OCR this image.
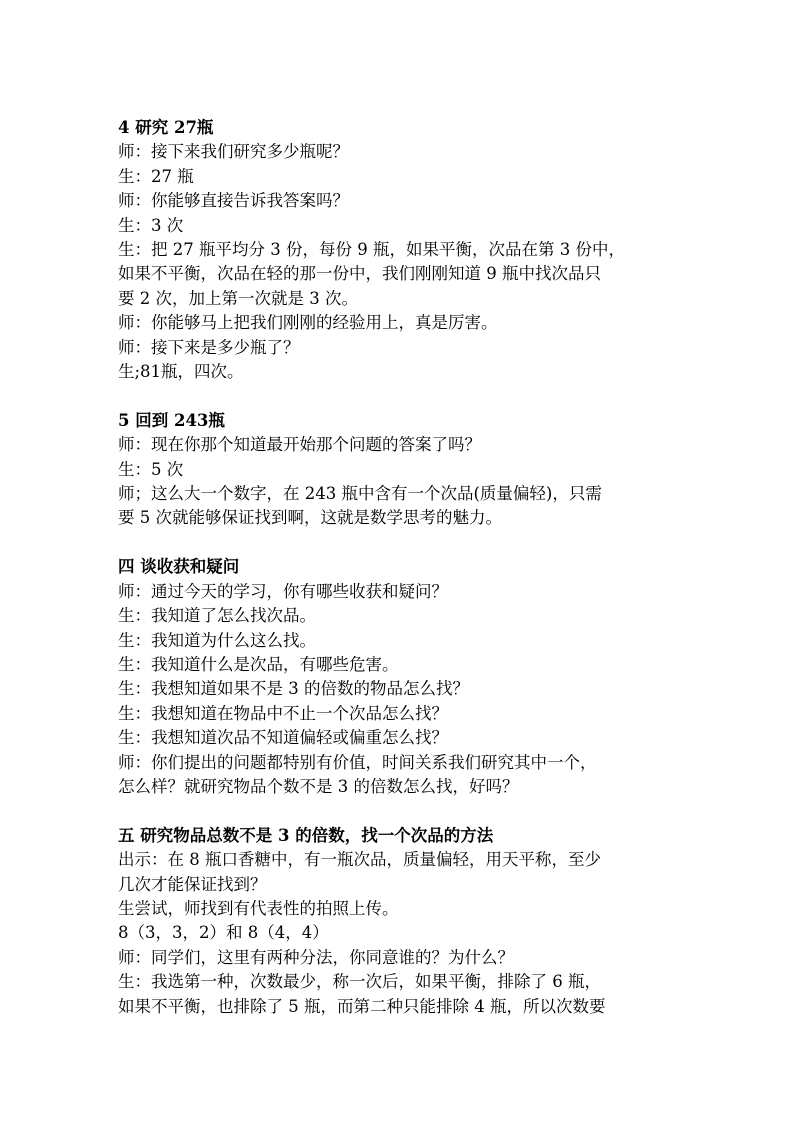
4 研究 27瓶
师：接下来我们研究多少瓶呢？
生：27 瓶
师：你能够直接告诉我答案吗？
生：3 次
生：把 27 瓶平均分 3 份，每份 9 瓶，如果平衡，次品在第 3 份中，
如果不平衡，次品在轻的那一份中，我们刚刚知道 9 瓶中找次品只
要 2 次，加上第一次就是 3 次。
师：你能够马上把我们刚刚的经验用上，真是厉害。
师：接下来是多少瓶了？
生;81瓶，四次。
5 回到 243瓶
师：现在你那个知道最开始那个问题的答案了吗？
生：5 次
师；这么大一个数字，在 243 瓶中含有一个次品(质量偏轻)，只需
要 5 次就能够保证找到啊，这就是数学思考的魅力。
四 谈收获和疑问
师：通过今天的学习，你有哪些收获和疑问？
生：我知道了怎么找次品。
生：我知道为什么这么找。
生：我知道什么是次品，有哪些危害。
生：我想知道如果不是 3 的倍数的物品怎么找？
生：我想知道在物品中不止一个次品怎么找？
生：我想知道次品不知道偏轻或偏重怎么找？
师：你们提出的问题都特别有价值，时间关系我们研究其中一个，
怎么样？就研究物品个数不是 3 的倍数怎么找，好吗？
五 研究物品总数不是 3 的倍数，找一个次品的方法
出示：在 8 瓶口香糖中，有一瓶次品，质量偏轻，用天平称，至少
几次才能保证找到？
生尝试，师找到有代表性的拍照上传。
8（3，3，2）和 8（4，4）
师：同学们，这里有两种分法，你同意谁的？为什么？
生：我选第一种，次数最少，称一次后，如果平衡，排除了 6 瓶，
如果不平衡，也排除了 5 瓶，而第二种只能排除 4 瓶，所以次数要
